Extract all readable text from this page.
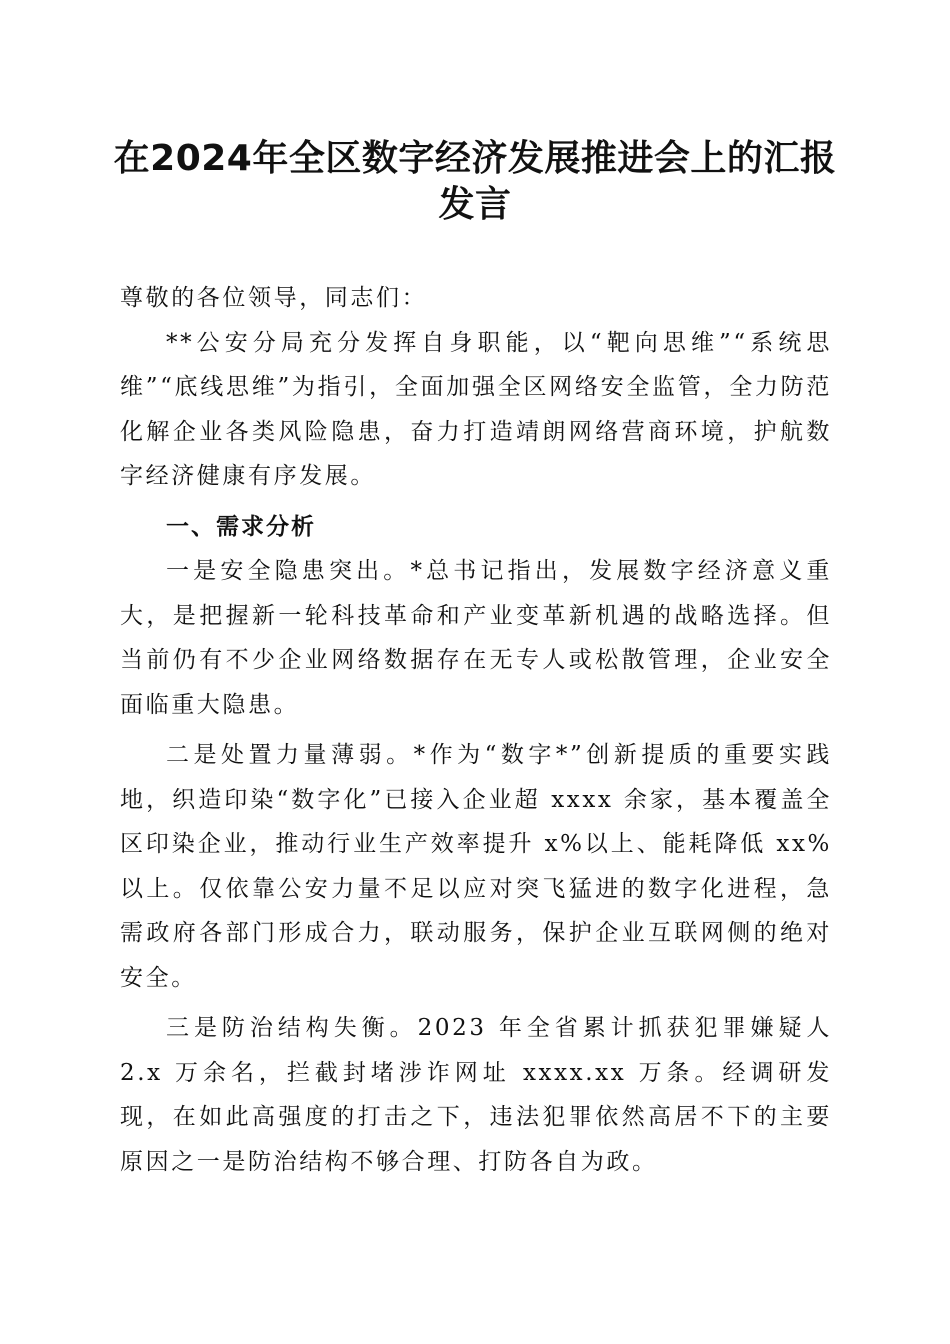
在2024年全区数字经济发展推进会上的汇报
发言

尊敬的各位领导，同志们：

**公安分局充分发挥自身职能，以“靶向思维”“系统思维”“底线思维”为指引，全面加强全区网络安全监管，全力防范化解企业各类风险隐患，奋力打造靖朗网络营商环境，护航数字经济健康有序发展。

一、需求分析

一是安全隐患突出。*总书记指出，发展数字经济意义重大，是把握新一轮科技革命和产业变革新机遇的战略选择。但当前仍有不少企业网络数据存在无专人或松散管理，企业安全面临重大隐患。

二是处置力量薄弱。*作为“数字*”创新提质的重要实践地，织造印染“数字化”已接入企业超 xxxx 余家，基本覆盖全区印染企业，推动行业生产效率提升 x%以上、能耗降低 xx%以上。仅依靠公安力量不足以应对突飞猛进的数字化进程，急需政府各部门形成合力，联动服务，保护企业互联网侧的绝对安全。

三是防治结构失衡。2023 年全省累计抓获犯罪嫌疑人 2.x 万余名，拦截封堵涉诈网址 xxxx.xx 万条。经调研发现，在如此高强度的打击之下，违法犯罪依然高居不下的主要原因之一是防治结构不够合理、打防各自为政。
